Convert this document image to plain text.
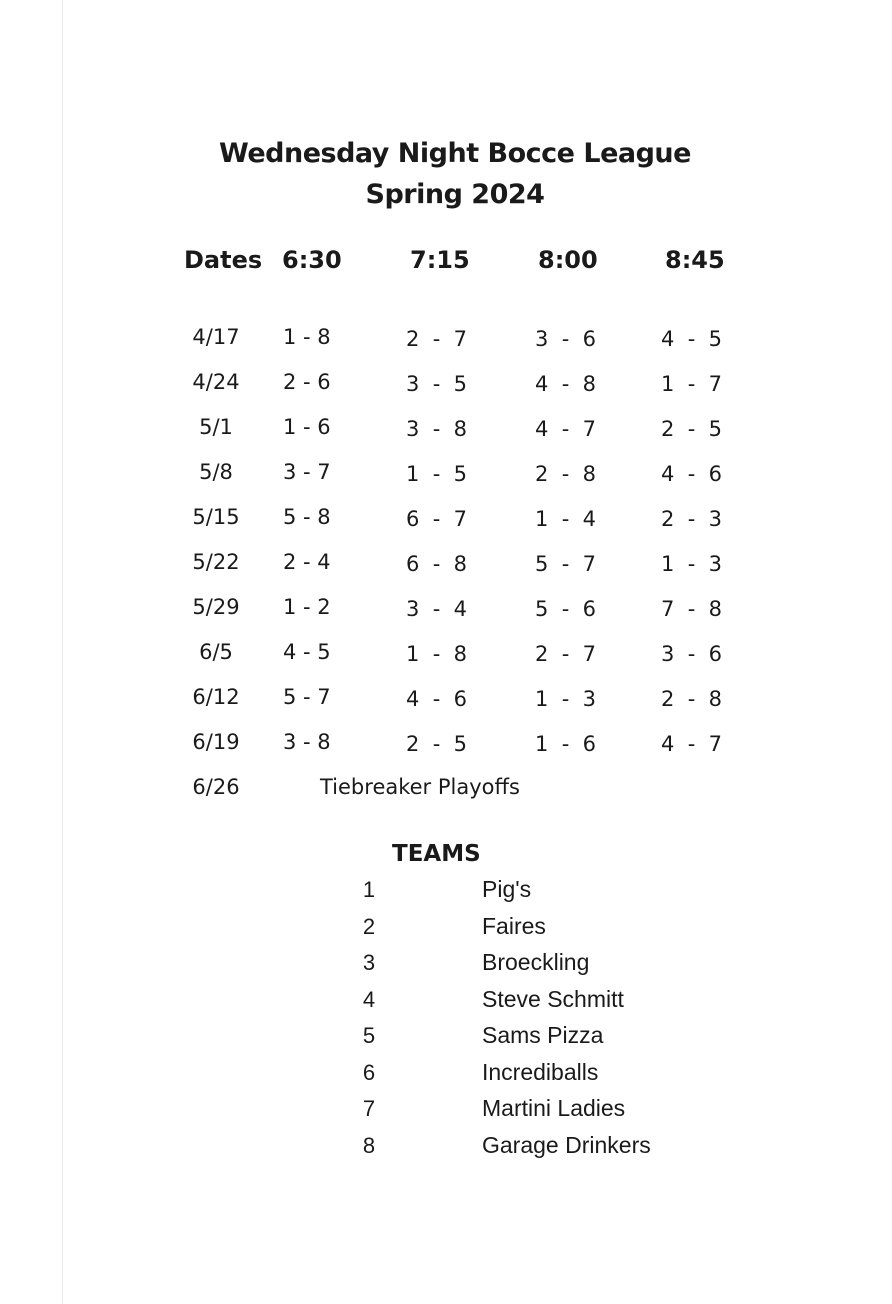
Wednesday Night Bocce League
Spring 2024
Dates 6:30	7:15	8:00	8:45
4/17	1 - 8	2  -  7	3  -  6	4  -  5
4/24	2 - 6	3  -  5	4  -  8	1  -  7
5/1	1 - 6	3  -  8	4  -  7	2  -  5
5/8	3 - 7	1  -  5	2  -  8	4  -  6
5/15	5 - 8	6  -  7	1  -  4	2  -  3
5/22	2 - 4	6  -  8	5  -  7	1  -  3
5/29	1 - 2	3  -  4	5  -  6	7  -  8
6/5	4 - 5	1  -  8	2  -  7	3  -  6
6/12	5 - 7	4  -  6	1  -  3	2  -  8
6/19	3 - 8	2  -  5	1  -  6	4  -  7
6/26	Tiebreaker Playoffs
TEAMS
1	Pig's
2	Faires
3	Broeckling
4	Steve Schmitt
5	Sams Pizza
6	Incrediballs
7	Martini Ladies
8	Garage Drinkers
